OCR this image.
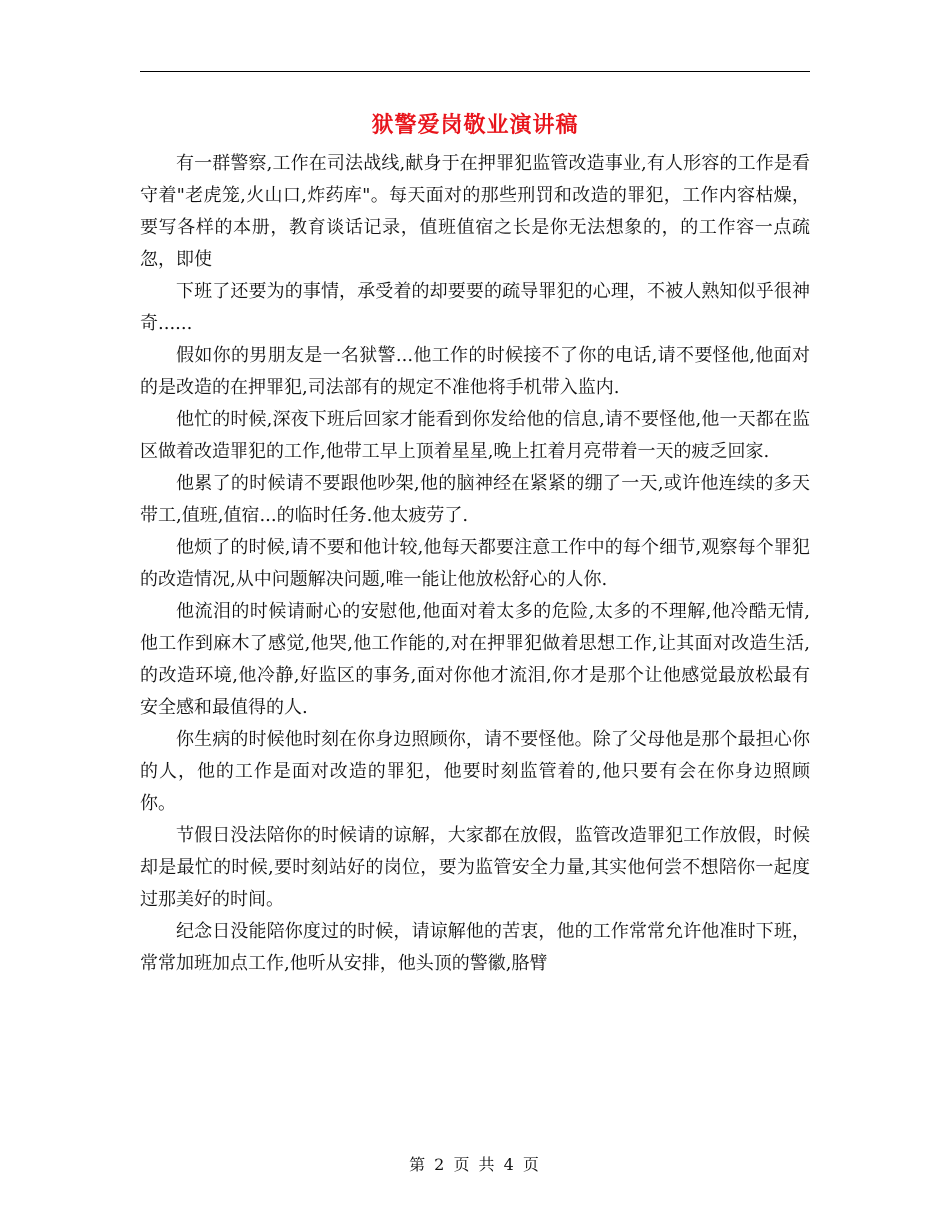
狱警爱岗敬业演讲稿

有一群警察,工作在司法战线,献身于在押罪犯监管改造事业,有人形容的工作是看守着"老虎笼,火山口,炸药库"。每天面对的那些刑罚和改造的罪犯，工作内容枯燥，要写各样的本册，教育谈话记录，值班值宿之长是你无法想象的，的工作容一点疏忽，即使

下班了还要为的事情，承受着的却要要的疏导罪犯的心理，不被人熟知似乎很神奇......

假如你的男朋友是一名狱警...他工作的时候接不了你的电话,请不要怪他,他面对的是改造的在押罪犯,司法部有的规定不准他将手机带入监内.

他忙的时候,深夜下班后回家才能看到你发给他的信息,请不要怪他,他一天都在监区做着改造罪犯的工作,他带工早上顶着星星,晚上扛着月亮带着一天的疲乏回家.

他累了的时候请不要跟他吵架,他的脑神经在紧紧的绷了一天,或许他连续的多天带工,值班,值宿...的临时任务.他太疲劳了.

他烦了的时候,请不要和他计较,他每天都要注意工作中的每个细节,观察每个罪犯的改造情况,从中问题解决问题,唯一能让他放松舒心的人你.

他流泪的时候请耐心的安慰他,他面对着太多的危险,太多的不理解,他冷酷无情,他工作到麻木了感觉,他哭,他工作能的,对在押罪犯做着思想工作,让其面对改造生活,的改造环境,他冷静,好监区的事务,面对你他才流泪,你才是那个让他感觉最放松最有安全感和最值得的人.

你生病的时候他时刻在你身边照顾你，请不要怪他。除了父母他是那个最担心你的人，他的工作是面对改造的罪犯，他要时刻监管着的,他只要有会在你身边照顾你。

节假日没法陪你的时候请的谅解，大家都在放假，监管改造罪犯工作放假，时候却是最忙的时候,要时刻站好的岗位，要为监管安全力量,其实他何尝不想陪你一起度过那美好的时间。

纪念日没能陪你度过的时候，请谅解他的苦衷，他的工作常常允许他准时下班，常常加班加点工作,他听从安排，他头顶的警徽,胳臂

第 2 页 共 4 页
